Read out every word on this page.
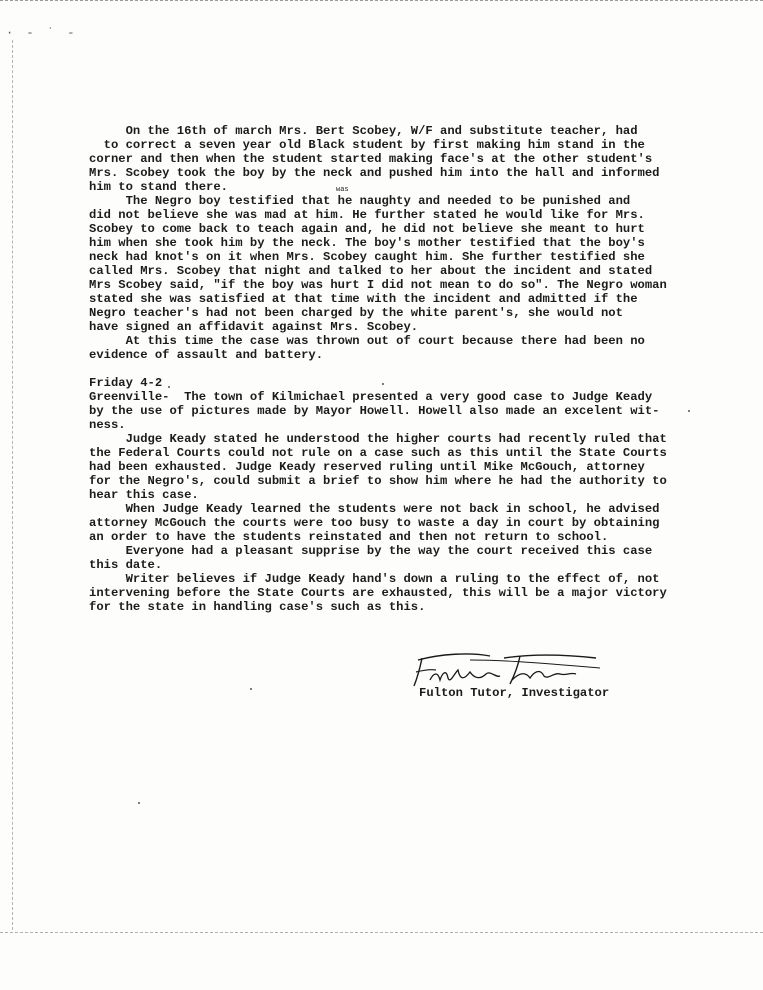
· - ˙ -
On the 16th of march Mrs. Bert Scobey, W/F and substitute teacher, had
to correct a seven year old Black student by first making him stand in the
corner and then when the student started making face's at the other student's
Mrs. Scobey took the boy by the neck and pushed him into the hall and informed
him to stand there.
The Negro boy testified that he naughty and needed to be punished and
did not believe she was mad at him. He further stated he would like for Mrs.
Scobey to come back to teach again and, he did not believe she meant to hurt
him when she took him by the neck. The boy's mother testified that the boy's
neck had knot's on it when Mrs. Scobey caught him. She further testified she
called Mrs. Scobey that night and talked to her about the incident and stated
Mrs Scobey said, "if the boy was hurt I did not mean to do so". The Negro woman
stated she was satisfied at that time with the incident and admitted if the
Negro teacher's had not been charged by the white parent's, she would not
have signed an affidavit against Mrs. Scobey.
At this time the case was thrown out of court because there had been no
evidence of assault and battery.
Friday 4-2
Greenville-  The town of Kilmichael presented a very good case to Judge Keady
by the use of pictures made by Mayor Howell. Howell also made an excelent wit-
ness.
Judge Keady stated he understood the higher courts had recently ruled that
the Federal Courts could not rule on a case such as this until the State Courts
had been exhausted. Judge Keady reserved ruling until Mike McGouch, attorney
for the Negro's, could submit a brief to show him where he had the authority to
hear this case.
When Judge Keady learned the students were not back in school, he advised
attorney McGouch the courts were too busy to waste a day in court by obtaining
an order to have the students reinstated and then not return to school.
Everyone had a pleasant supprise by the way the court received this case
this date.
Writer believes if Judge Keady hand's down a ruling to the effect of, not
intervening before the State Courts are exhausted, this will be a major victory
for the state in handling case's such as this.
was
Fulton Tutor, Investigator
